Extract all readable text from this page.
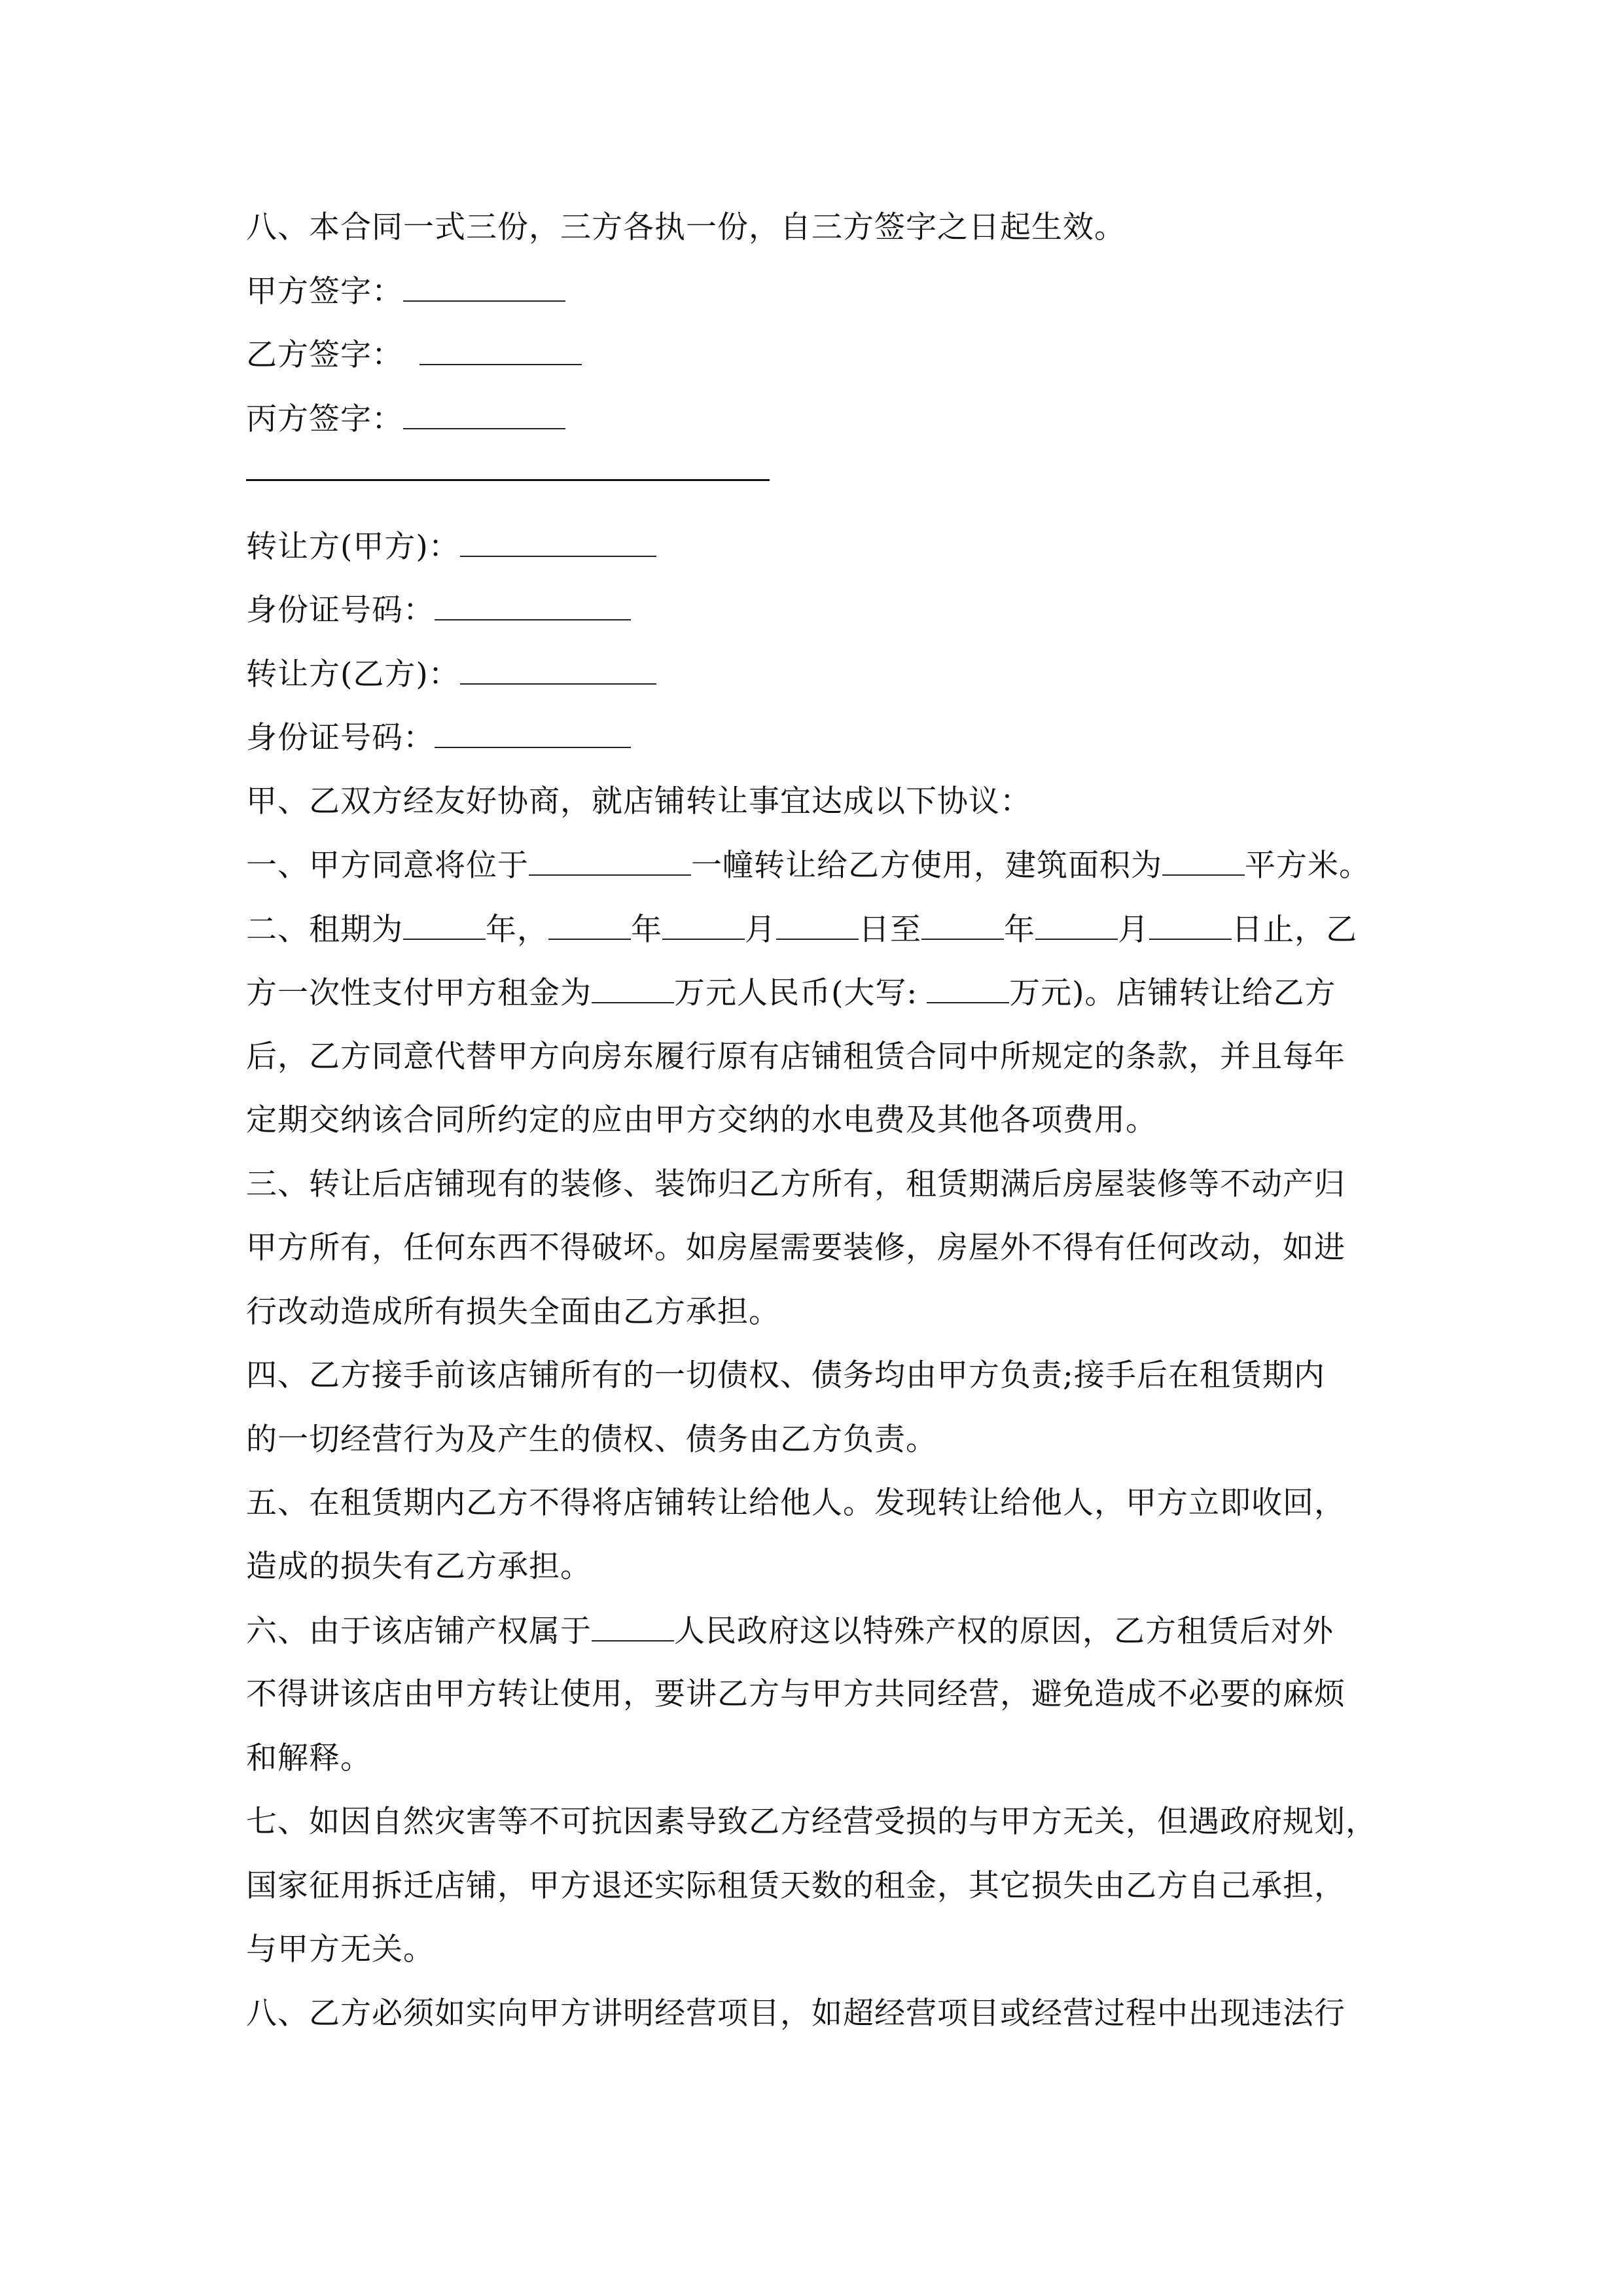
八、本合同一式三份，三方各执一份，自三方签字之日起生效。
甲方签字：
乙方签字：
丙方签字：
转让方(甲方)：
身份证号码：
转让方(乙方)：
身份证号码：
甲、乙双方经友好协商，就店铺转让事宜达成以下协议：
一、甲方同意将位于	一幢转让给乙方使用，建筑面积为	平方米。
二、租期为	年，	年	月	日至	年	月	日止，乙
方一次性支付甲方租金为	万元人民币(大写:	万元)。店铺转让给乙方
后，乙方同意代替甲方向房东履行原有店铺租赁合同中所规定的条款，并且每年
定期交纳该合同所约定的应由甲方交纳的水电费及其他各项费用。
三、转让后店铺现有的装修、装饰归乙方所有，租赁期满后房屋装修等不动产归
甲方所有，任何东西不得破坏。如房屋需要装修，房屋外不得有任何改动，如进
行改动造成所有损失全面由乙方承担。
四、乙方接手前该店铺所有的一切债权、债务均由甲方负责;接手后在租赁期内
的一切经营行为及产生的债权、债务由乙方负责。
五、在租赁期内乙方不得将店铺转让给他人。发现转让给他人，甲方立即收回，
造成的损失有乙方承担。
六、由于该店铺产权属于	人民政府这以特殊产权的原因，乙方租赁后对外
不得讲该店由甲方转让使用，要讲乙方与甲方共同经营，避免造成不必要的麻烦
和解释。
七、如因自然灾害等不可抗因素导致乙方经营受损的与甲方无关，但遇政府规划，
国家征用拆迁店铺，甲方退还实际租赁天数的租金，其它损失由乙方自己承担，
与甲方无关。
八、乙方必须如实向甲方讲明经营项目，如超经营项目或经营过程中出现违法行
